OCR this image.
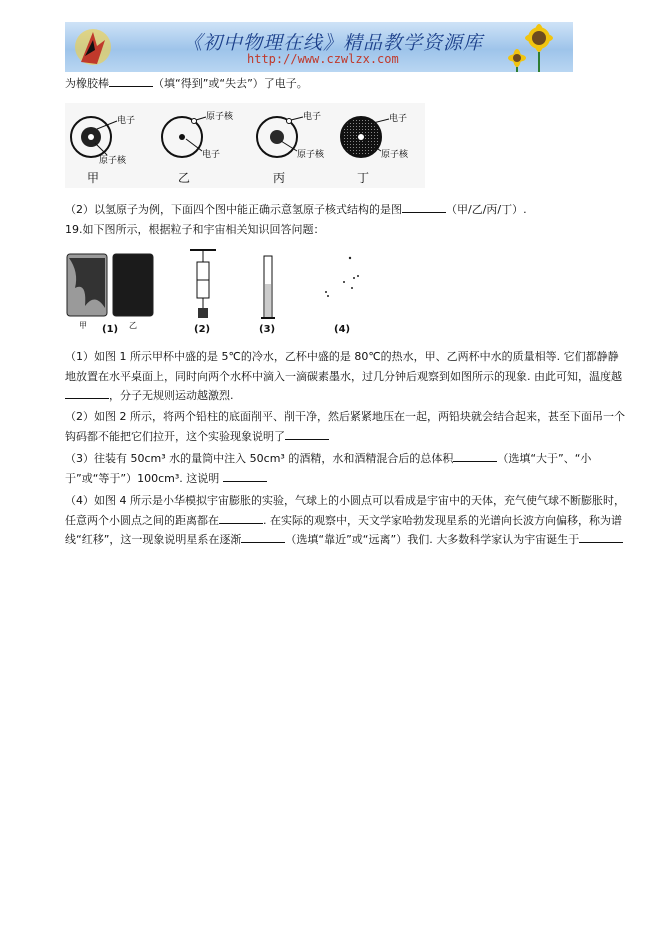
《初中物理在线》精品教学资源库
http://www.czwlzx.com
为橡胶棒	（填“得到”或“失去”）了电子。
电子
原子核
原子核
电子
电子
原子核
电子
原子核
甲	乙	丙	丁
（2）以氢原子为例，下面四个图中能正确示意氢原子核式结构的是图	（甲/乙/丙/丁）.
19.如下图所示，根据粒子和宇宙相关知识回答问题：
甲	乙
(1)	(2)	(3)	(4)
（1）如图 1 所示甲杯中盛的是 5℃的冷水，乙杯中盛的是 80℃的热水，甲、乙两杯中水的质量相等. 它们都静静地放置在水平桌面上，同时向两个水杯中滴入一滴碳素墨水，过几分钟后观察到如图所示的现象. 由此可知，温度越，分子无规则运动越激烈.
（2）如图 2 所示，将两个铅柱的底面削平、削干净，然后紧紧地压在一起，两铅块就会结合起来，甚至下面吊一个钩码都不能把它们拉开，这个实验现象说明了
（3）往装有 50cm³ 水的量筒中注入 50cm³ 的酒精，水和酒精混合后的总体积	（选填“大于”、“小于”或“等于”）100cm³. 这说明
（4）如图 4 所示是小华模拟宇宙膨胀的实验，气球上的小圆点可以看成是宇宙中的天体，充气使气球不断膨胀时，任意两个小圆点之间的距离都在	. 在实际的观察中，天文学家哈勃发现星系的光谱向长波方向偏移，称为谱线“红移”，这一现象说明星系在逐渐	（选填“靠近”或“远离”）我们. 大多数科学家认为宇宙诞生于
